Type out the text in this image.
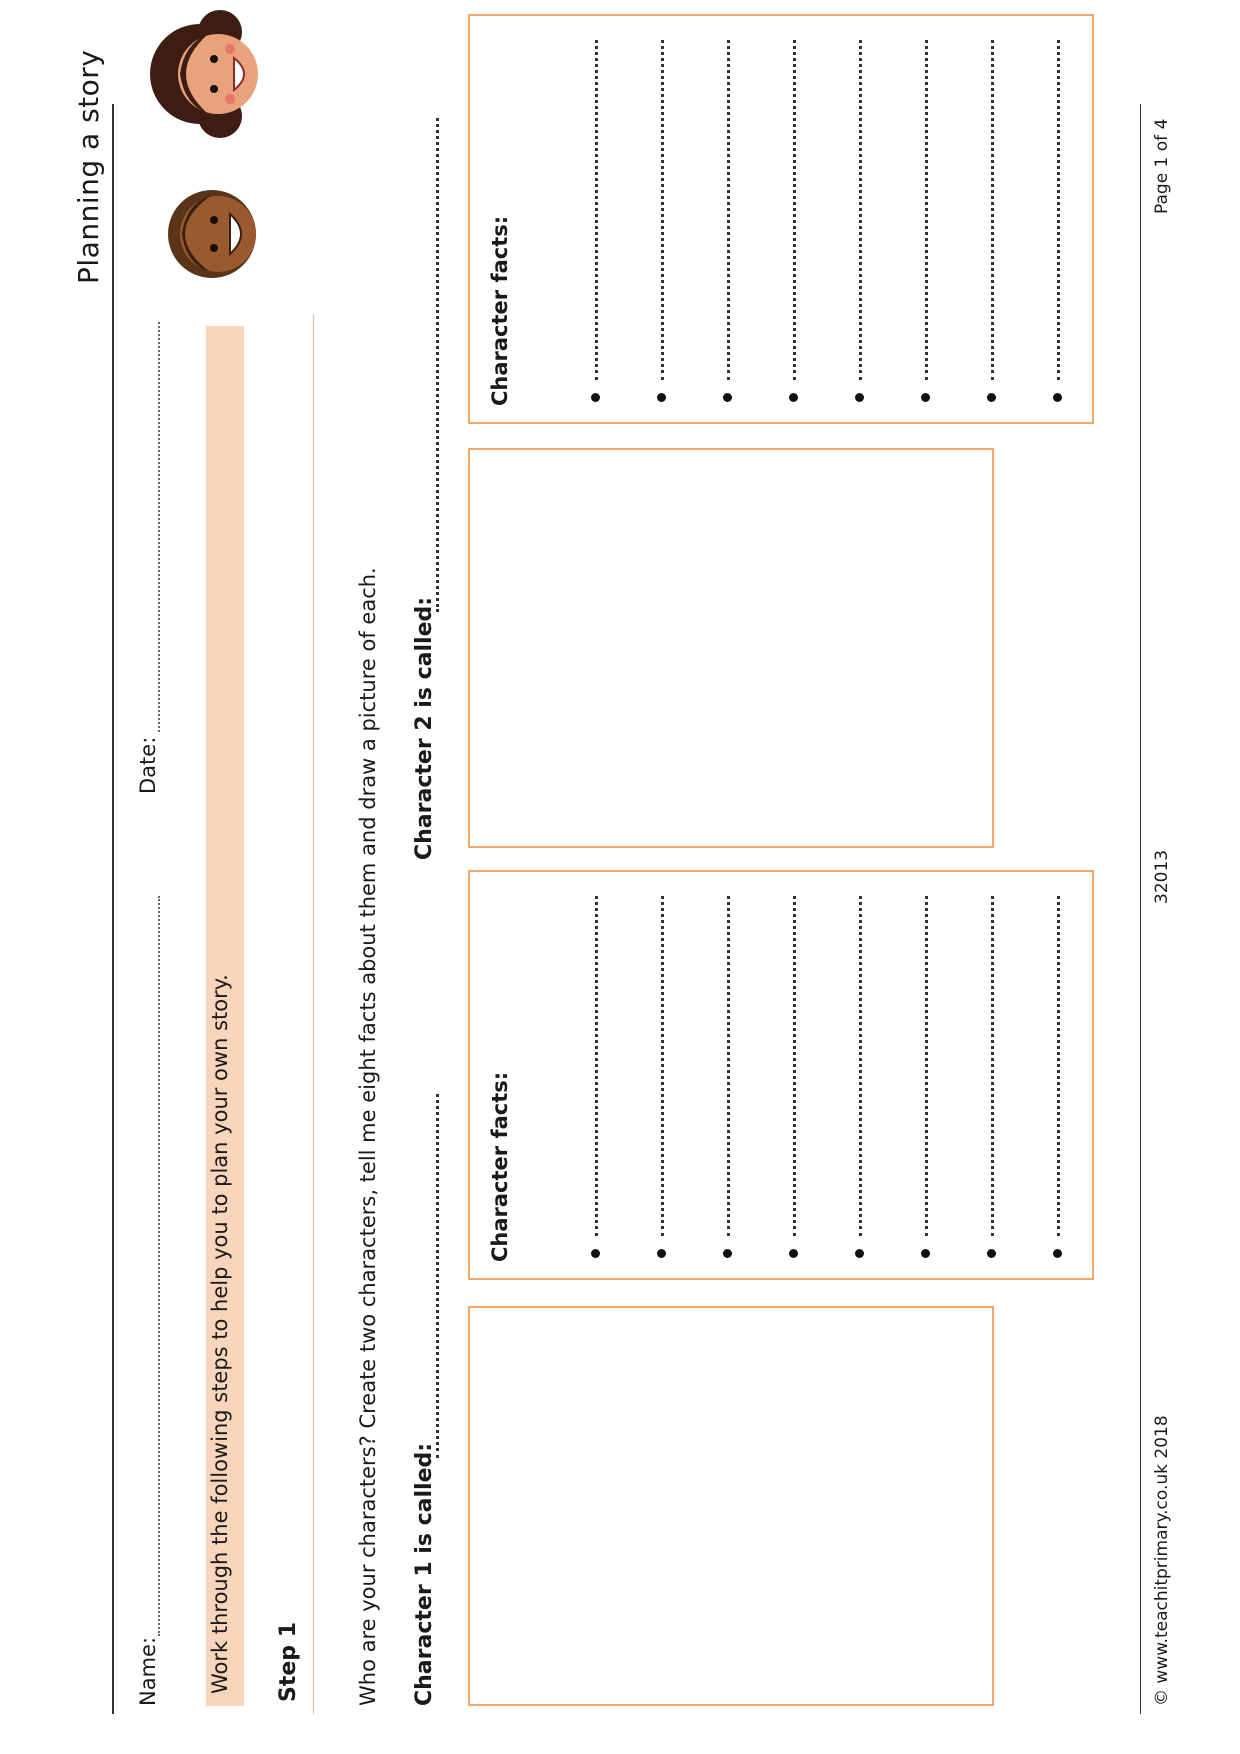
Planning a story
Name:
Date:
Work through the following steps to help you to plan your own story. Step 1	Who are your characters? Create two characters, tell me eight facts about them and draw a picture of each. Character 1 is called:
Character 2 is called:
Character facts:
Character facts:
© www.teachitprimary.co.uk 2018
32013
Page 1 of 4
